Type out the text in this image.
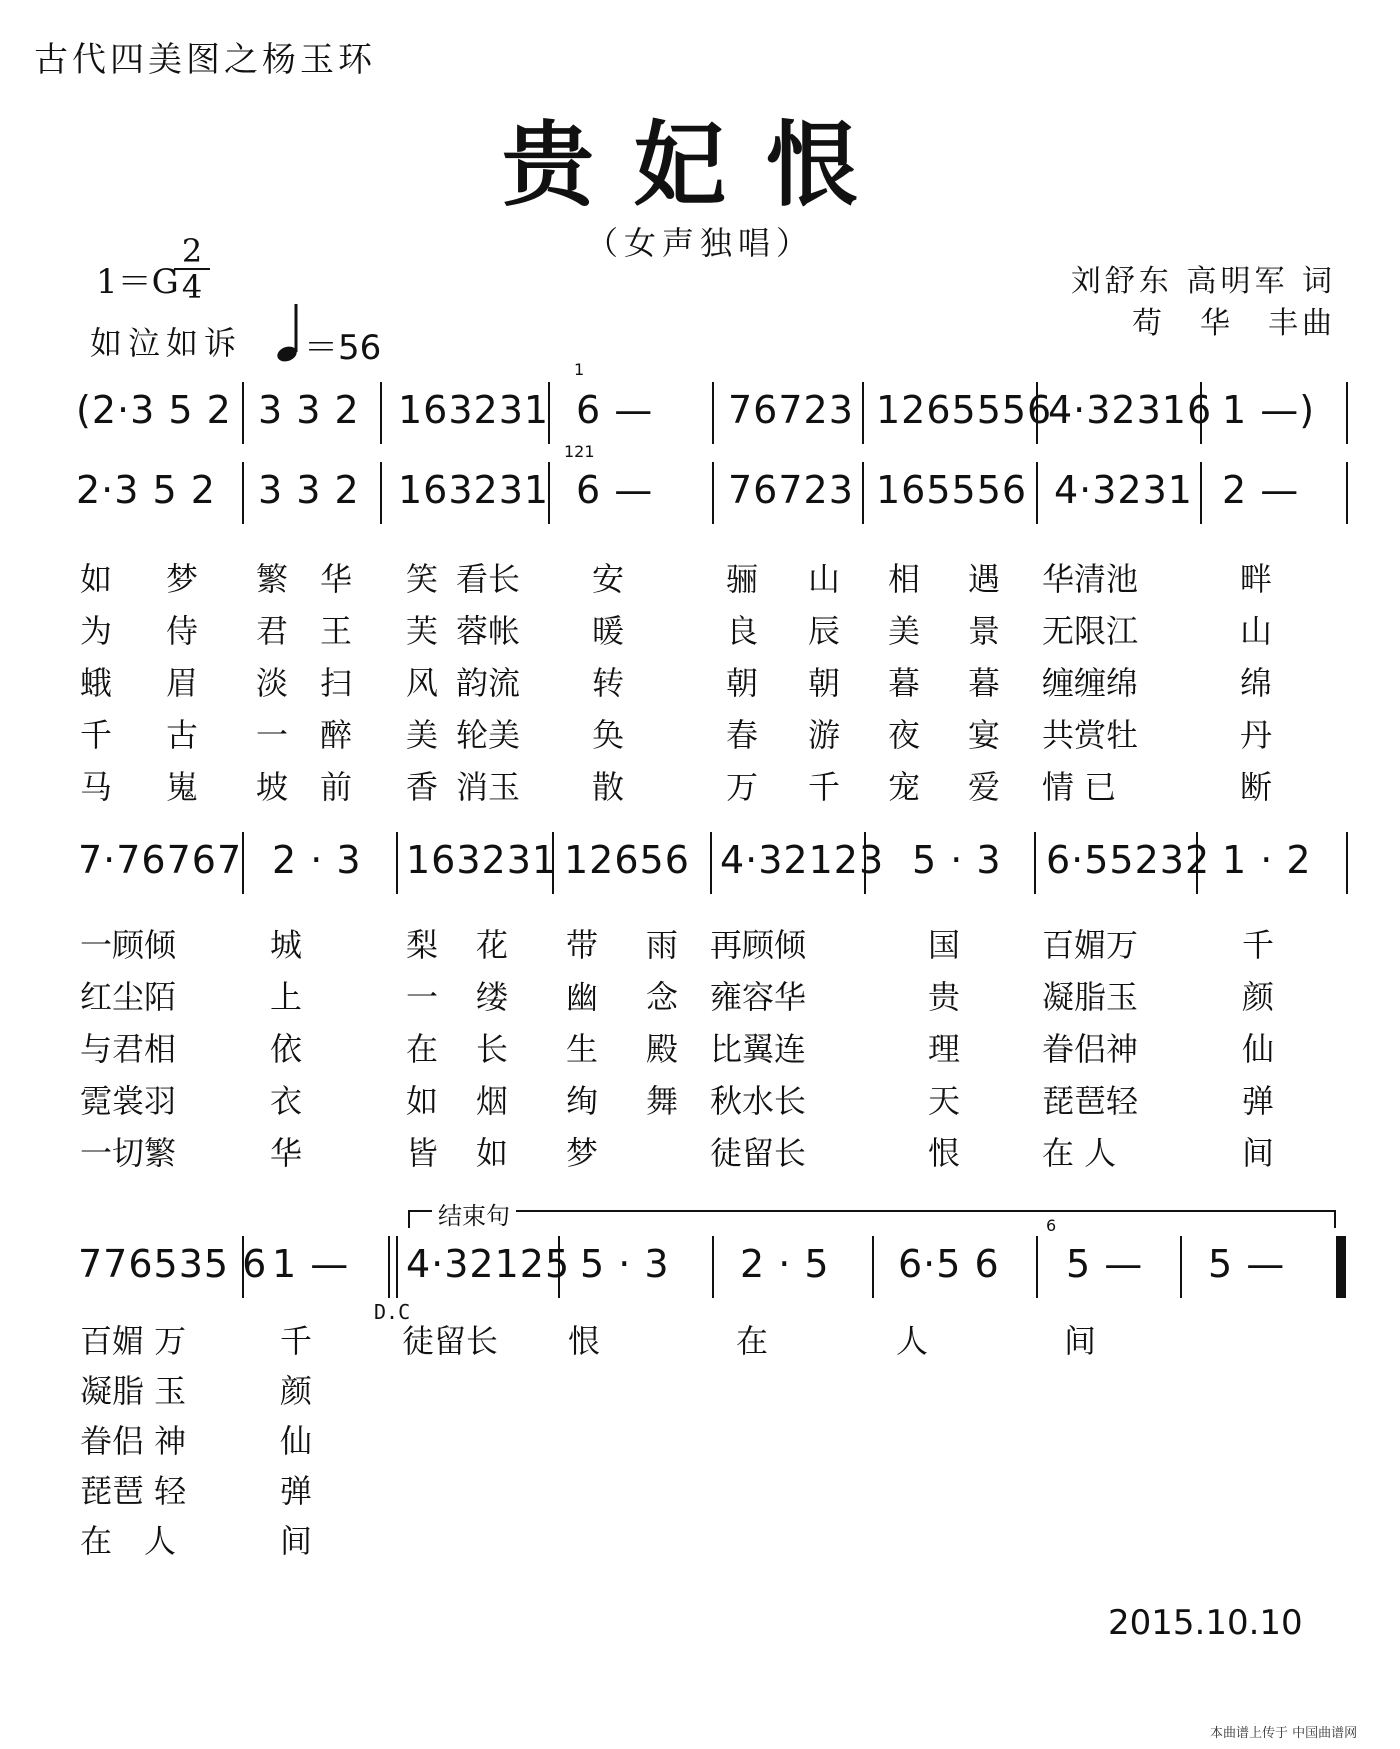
古代四美图之杨玉环
贵妃恨
（女声独唱）
1＝G
2
4
如泣如诉 ＝56
刘舒东 高明军 词
苟　华　丰曲
(2·3 5 2 3 3 2 163231 6 — 76723 1265556
4·32316 1 —)
1
2·3 5 2 3 3 2 163231 6 — 76723 165556 4·3231 2 —
121
如 梦 繁 华 笑 看长 安	骊 山 相 遇 华清池	畔
为 侍 君 王 芙 蓉帐 暖	良 辰 美 景 无限江	山
蛾 眉 淡 扫 风 韵流 转	朝 朝 暮 暮 缠缠绵	绵
千 古 一 醉 美 轮美 奂	春 游 夜 宴 共赏牡	丹
马 嵬 坡 前 香 消玉 散	万 千 宠 爱 情 已	断
7·76767 2 · 3 163231 12656 4·32123 5 · 3 6·55232 1 · 2
一顾倾	城	梨 花 带 雨 再顾倾	国	百媚万	千
红尘陌	上	一 缕 幽 念 雍容华	贵	凝脂玉	颜
与君相	依	在 长 生 殿 比翼连	理	眷侣神	仙
霓裳羽	衣	如 烟 绚 舞 秋水长	天	琵琶轻	弹
一切繁	华	皆 如 梦	徒留长	恨	在 人	间
结束句
776535 6 1 — 4·32125 5 · 3 2 · 5 6·5 6 5 — 5 —
6
D.C
百媚 万	千	徒留长 恨	在	人	间
凝脂 玉	颜
眷侣 神	仙
琵琶 轻	弹
在　人	间
2015.10.10
本曲谱上传于 中国曲谱网
